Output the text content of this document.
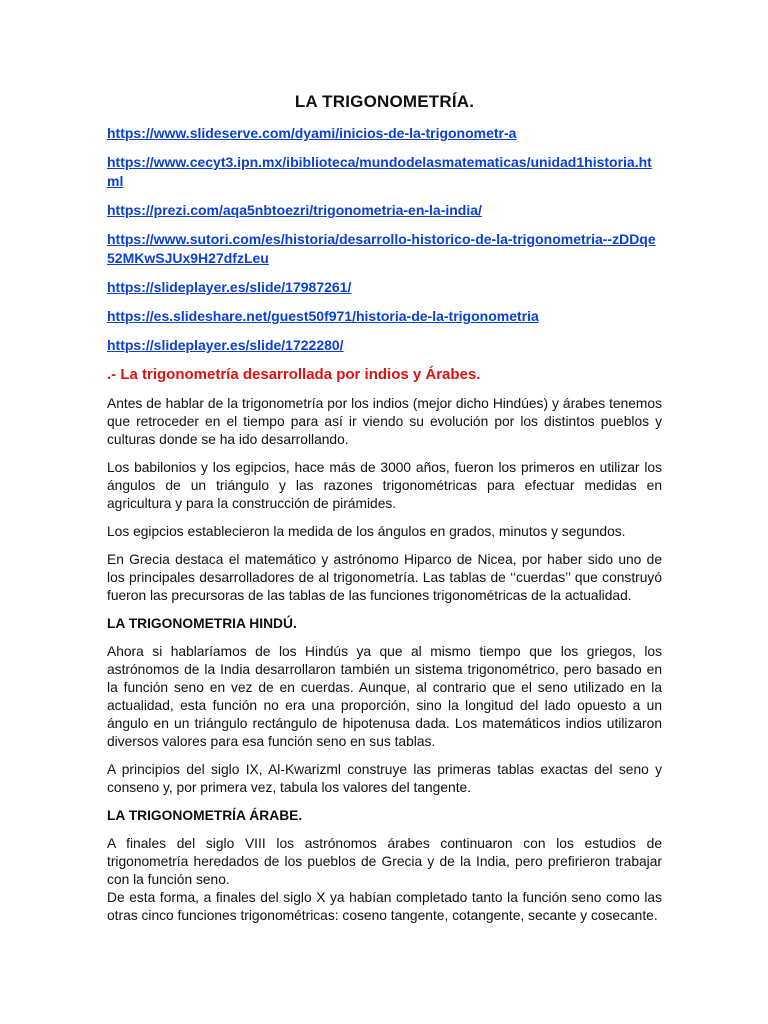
LA TRIGONOMETRÍA.
https://www.slideserve.com/dyami/inicios-de-la-trigonometr-a
https://www.cecyt3.ipn.mx/ibiblioteca/mundodelasmatematicas/unidad1historia.html
https://prezi.com/aqa5nbtoezri/trigonometria-en-la-india/
https://www.sutori.com/es/historia/desarrollo-historico-de-la-trigonometria--zDDqe52MKwSJUx9H27dfzLeu
https://slideplayer.es/slide/17987261/
https://es.slideshare.net/guest50f971/historia-de-la-trigonometria
https://slideplayer.es/slide/1722280/
.- La trigonometría desarrollada por indios y Árabes.

Antes de hablar de la trigonometría por los indios (mejor dicho Hindúes) y árabes tenemos que retroceder en el tiempo para así ir viendo su evolución por los distintos pueblos y culturas donde se ha ido desarrollando.

Los babilonios y los egipcios, hace más de 3000 años, fueron los primeros en utilizar los ángulos de un triángulo y las razones trigonométricas para efectuar medidas en agricultura y para la construcción de pirámides.

Los egipcios establecieron la medida de los ángulos en grados, minutos y segundos.

En Grecia destaca el matemático y astrónomo Hiparco de Nicea, por haber sido uno de los principales desarrolladores de al trigonometría. Las tablas de ‘‘cuerdas’’ que construyó fueron las precursoras de las tablas de las funciones trigonométricas de la actualidad.

LA TRIGONOMETRIA HINDÚ.

Ahora si hablaríamos de los Hindús ya que al mismo tiempo que los griegos, los astrónomos de la India desarrollaron también un sistema trigonométrico, pero basado en la función seno en vez de en cuerdas. Aunque, al contrario que el seno utilizado en la actualidad, esta función no era una proporción, sino la longitud del lado opuesto a un ángulo en un triángulo rectángulo de hipotenusa dada. Los matemáticos indios utilizaron diversos valores para esa función seno en sus tablas.

A principios del siglo IX, Al-Kwarizml construye las primeras tablas exactas del seno y conseno y, por primera vez, tabula los valores del tangente.

LA TRIGONOMETRÍA ÁRABE.

A finales del siglo VIII los astrónomos árabes continuaron con los estudios de trigonometría heredados de los pueblos de Grecia y de la India, pero prefirieron trabajar con la función seno.
De esta forma, a finales del siglo X ya habían completado tanto la función seno como las otras cinco funciones trigonométricas: coseno tangente, cotangente, secante y cosecante.
